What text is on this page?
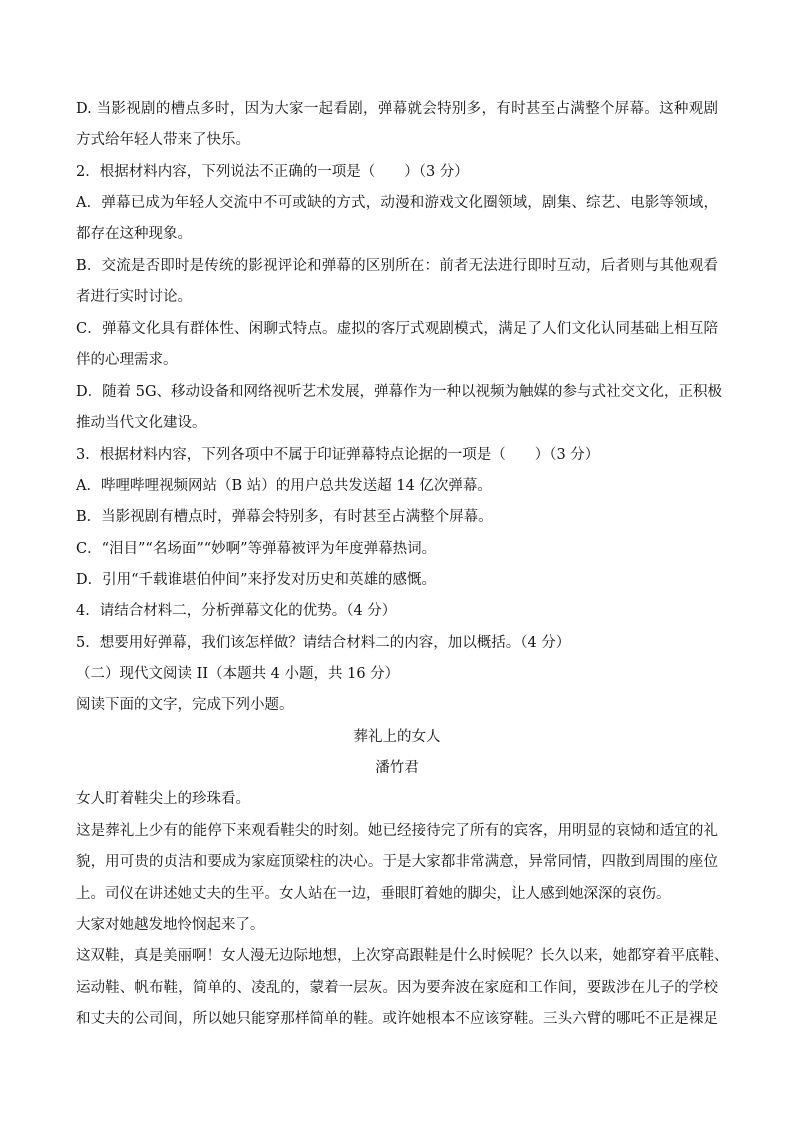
D. 当影视剧的槽点多时，因为大家一起看剧，弹幕就会特别多，有时甚至占满整个屏幕。这种观剧
方式给年轻人带来了快乐。
2．根据材料内容，下列说法不正确的一项是（　　）（3 分）
A．弹幕已成为年轻人交流中不可或缺的方式，动漫和游戏文化圈领域，剧集、综艺、电影等领域，
都存在这种现象。
B．交流是否即时是传统的影视评论和弹幕的区别所在：前者无法进行即时互动，后者则与其他观看
者进行实时讨论。
C．弹幕文化具有群体性、闲聊式特点。虚拟的客厅式观剧模式，满足了人们文化认同基础上相互陪
伴的心理需求。
D．随着 5G、移动设备和网络视听艺术发展，弹幕作为一种以视频为触媒的参与式社交文化，正积极
推动当代文化建设。
3．根据材料内容，下列各项中不属于印证弹幕特点论据的一项是（　　）（3 分）
A．哔哩哔哩视频网站（B 站）的用户总共发送超 14 亿次弹幕。
B．当影视剧有槽点时，弹幕会特别多，有时甚至占满整个屏幕。
C．“泪目”“名场面”“妙啊”等弹幕被评为年度弹幕热词。
D．引用“千载谁堪伯仲间”来抒发对历史和英雄的感慨。
4．请结合材料二，分析弹幕文化的优势。（4 分）
5．想要用好弹幕，我们该怎样做？请结合材料二的内容，加以概括。（4 分）
（二）现代文阅读 II（本题共 4 小题，共 16 分）
阅读下面的文字，完成下列小题。
葬礼上的女人
潘竹君
女人盯着鞋尖上的珍珠看。
这是葬礼上少有的能停下来观看鞋尖的时刻。她已经接待完了所有的宾客，用明显的哀恸和适宜的礼
貌，用可贵的贞洁和要成为家庭顶梁柱的决心。于是大家都非常满意，异常同情，四散到周围的座位
上。司仪在讲述她丈夫的生平。女人站在一边，垂眼盯着她的脚尖，让人感到她深深的哀伤。
大家对她越发地怜悯起来了。
这双鞋，真是美丽啊！女人漫无边际地想，上次穿高跟鞋是什么时候呢？长久以来，她都穿着平底鞋、
运动鞋、帆布鞋，简单的、凌乱的，蒙着一层灰。因为要奔波在家庭和工作间，要跋涉在儿子的学校
和丈夫的公司间，所以她只能穿那样简单的鞋。或许她根本不应该穿鞋。三头六臂的哪吒不正是裸足
